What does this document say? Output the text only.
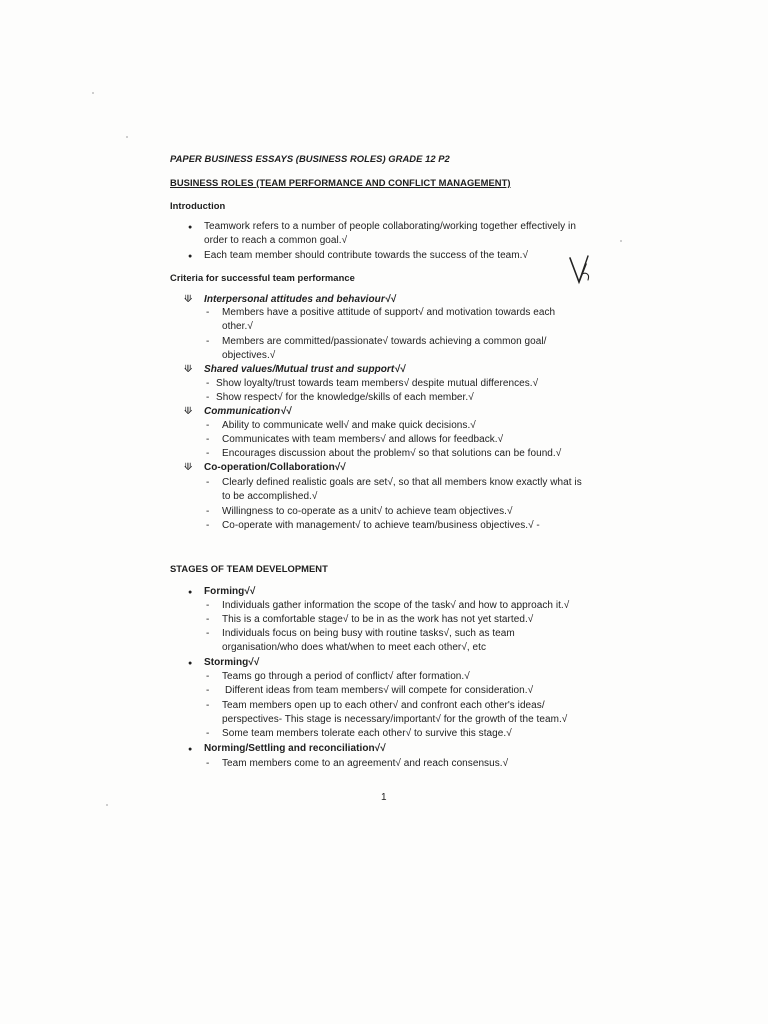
PAPER BUSINESS ESSAYS (BUSINESS ROLES) GRADE 12 P2
BUSINESS ROLES (TEAM PERFORMANCE AND CONFLICT MANAGEMENT)
Introduction
● Teamwork refers to a number of people collaborating/working together effectively in
order to reach a common goal.√
● Each team member should contribute towards the success of the team.√
Criteria for successful team performance
⟱ Interpersonal attitudes and behaviour√√
- Members have a positive attitude of support√ and motivation towards each
other.√
- Members are committed/passionate√ towards achieving a common goal/
objectives.√
⟱ Shared values/Mutual trust and support√√
- Show loyalty/trust towards team members√ despite mutual differences.√
- Show respect√ for the knowledge/skills of each member.√
⟱ Communication√√
- Ability to communicate well√ and make quick decisions.√
- Communicates with team members√ and allows for feedback.√
- Encourages discussion about the problem√ so that solutions can be found.√
⟱ Co-operation/Collaboration√√
- Clearly defined realistic goals are set√, so that all members know exactly what is
to be accomplished.√
- Willingness to co-operate as a unit√ to achieve team objectives.√
- Co-operate with management√ to achieve team/business objectives.√ -
STAGES OF TEAM DEVELOPMENT
● Forming√√
- Individuals gather information the scope of the task√ and how to approach it.√
- This is a comfortable stage√ to be in as the work has not yet started.√
- Individuals focus on being busy with routine tasks√, such as team
organisation/who does what/when to meet each other√, etc
● Storming√√
- Teams go through a period of conflict√ after formation.√
- Different ideas from team members√ will compete for consideration.√
- Team members open up to each other√ and confront each other's ideas/
perspectives- This stage is necessary/important√ for the growth of the team.√
- Some team members tolerate each other√ to survive this stage.√
● Norming/Settling and reconciliation√√
- Team members come to an agreement√ and reach consensus.√
1
